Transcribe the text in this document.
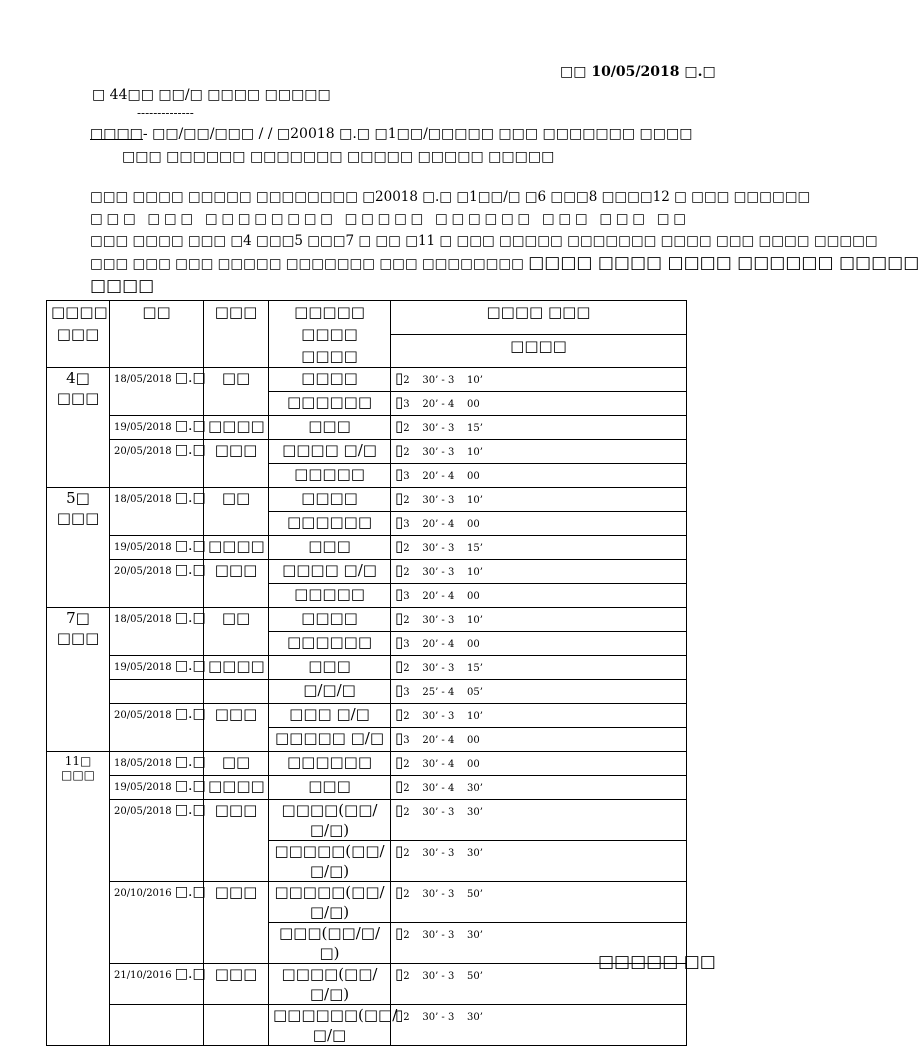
□□ 10/05/2018 □.□
□ 44□□ □□/□ □□□□ □□□□□
--------------
□□□□- □□/□□/□□□ / / □20018 □.□ □1□□/□□□□□ □□□ □□□□□□□ □□□□
□□□ □□□□□□ □□□□□□□ □□□□□ □□□□□ □□□□□
□□□ □□□□ □□□□□ □□□□□□□□ □20018 □.□ □1□□/□ □6 □□□8 □□□□12 □ □□□ □□□□□□
□□□ □□□ □□□□□□□□ □□□□□ □□□□□□ □□□ □□□ □□
□□□ □□□□ □□□ □4 □□□5 □□□7 □ □□ □11 □ □□□ □□□□□ □□□□□□□ □□□□ □□□ □□□□ □□□□□
□□□ □□□ □□□ □□□□□ □□□□□□□ □□□ □□□□□□□□ □□□□ □□□□ □□□□ □□□□□□ □□□□□
□□□□
□□□□ □□□	□□	□□□	□□□□□ □□□□ □□□□	□□□□ □□□
				□□□□
4□ □□□	18/05/2018 □.□	□□	□□□□	▯2    30’ - 3    10’
			□□□□□□	▯3    20’ - 4    00
	19/05/2018 □.□	□□□□	□□□	▯2    30’ - 3    15’
	20/05/2018 □.□	□□□	□□□□ □/□	▯2    30’ - 3    10’
			□□□□□	▯3    20’ - 4    00
5□ □□□	18/05/2018 □.□	□□	□□□□	▯2    30’ - 3    10’
			□□□□□□	▯3    20’ - 4    00
	19/05/2018 □.□	□□□□	□□□	▯2    30’ - 3    15’
	20/05/2018 □.□	□□□	□□□□ □/□	▯2    30’ - 3    10’
			□□□□□	▯3    20’ - 4    00
7□ □□□	18/05/2018 □.□	□□	□□□□	▯2    30’ - 3    10’
			□□□□□□	▯3    20’ - 4    00
	19/05/2018 □.□	□□□□	□□□	▯2    30’ - 3    15’
			□/□/□	▯3    25’ - 4    05’
	20/05/2018 □.□	□□□	□□□ □/□	▯2    30’ - 3    10’
			□□□□□ □/□	▯3    20’ - 4    00
11□ □□□	18/05/2018 □.□	□□	□□□□□□	▯2    30’ - 4    00
	19/05/2018 □.□	□□□□	□□□	▯2    30’ - 4    30’
	20/05/2018 □.□	□□□	□□□□(□□/□/□)	▯2    30’ - 3    30’
			□□□□□(□□/ □/□)	▯2    30’ - 3    30’
	20/10/2016 □.□	□□□	□□□□□(□□/ □/□)	▯2    30’ - 3    50’
			□□□(□□/□/□)	▯2    30’ - 3    30’
	21/10/2016 □.□	□□□	□□□□(□□/□/□)	▯2    30’ - 3    50’
			□□□□□□(□□/ □/□	▯2    30’ - 3    30’
□□□□□ □□
